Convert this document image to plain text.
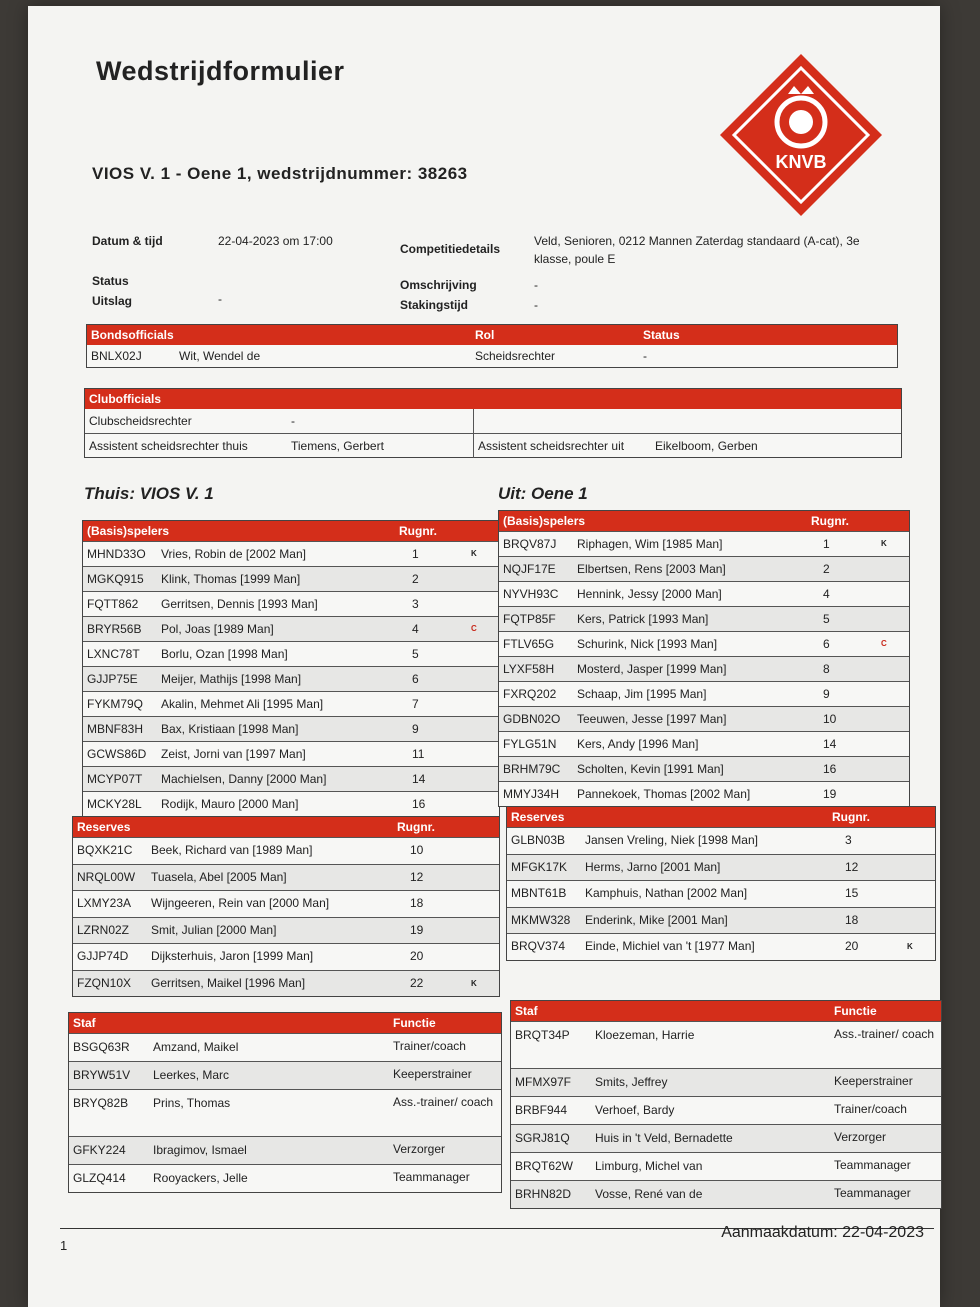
Wedstrijdformulier
VIOS V. 1 - Oene 1, wedstrijdnummer: 38263
KNVB
Datum & tijd	22-04-2023 om 17:00
Status
Uitslag	-
Competitiedetails
Veld, Senioren, 0212 Mannen Zaterdag standaard (A-cat), 3e klasse, poule E
Omschrijving	-
Stakingstijd	-
Bondsofficials	Rol	Status
BNLX02J	Wit, Wendel de	Scheidsrechter	-
Clubofficials
Clubscheidsrechter	-
Assistent scheidsrechter thuis	Tiemens, Gerbert	Assistent scheidsrechter uit	Eikelboom, Gerben
Thuis: VIOS V. 1	Uit: Oene 1
(Basis)spelers	Rugnr.
MHND33O Vries, Robin de [2002 Man]	1	K
MGKQ915 Klink, Thomas [1999 Man]	2
FQTT862 Gerritsen, Dennis [1993 Man]	3
BRYR56B Pol, Joas [1989 Man]	4	C
LXNC78T Borlu, Ozan [1998 Man]	5
GJJP75E Meijer, Mathijs [1998 Man]	6
FYKM79Q Akalin, Mehmet Ali [1995 Man]	7
MBNF83H Bax, Kristiaan [1998 Man]	9
GCWS86D Zeist, Jorni van [1997 Man]	11
MCYP07T Machielsen, Danny [2000 Man]	14
MCKY28L Rodijk, Mauro [2000 Man]	16
(Basis)spelers	Rugnr.
BRQV87J Riphagen, Wim [1985 Man]	1	K
NQJF17E Elbertsen, Rens [2003 Man]	2
NYVH93C Hennink, Jessy [2000 Man]	4
FQTP85F Kers, Patrick [1993 Man]	5
FTLV65G Schurink, Nick [1993 Man]	6	C
LYXF58H Mosterd, Jasper [1999 Man]	8
FXRQ202 Schaap, Jim [1995 Man]	9
GDBN02O Teeuwen, Jesse [1997 Man]	10
FYLG51N Kers, Andy [1996 Man]	14
BRHM79C Scholten, Kevin [1991 Man]	16
MMYJ34H Pannekoek, Thomas [2002 Man]	19
Reserves	Rugnr.
BQXK21C Beek, Richard van [1989 Man]	10
NRQL00W Tuasela, Abel [2005 Man]	12
LXMY23A Wijngeeren, Rein van [2000 Man]	18
LZRN02Z Smit, Julian [2000 Man]	19
GJJP74D Dijksterhuis, Jaron [1999 Man]	20
FZQN10X Gerritsen, Maikel [1996 Man]	22	K
Reserves	Rugnr.
GLBN03B Jansen Vreling, Niek [1998 Man]	3
MFGK17K Herms, Jarno [2001 Man]	12
MBNT61B Kamphuis, Nathan [2002 Man]	15
MKMW328 Enderink, Mike [2001 Man]	18
BRQV374 Einde, Michiel van 't [1977 Man]	20	K
Staf	Functie
BSGQ63R Amzand, Maikel	Trainer/coach
BRYW51V Leerkes, Marc	Keeperstrainer
BRYQ82B Prins, Thomas	Ass.-trainer/ coach
GFKY224 Ibragimov, Ismael	Verzorger
GLZQ414 Rooyackers, Jelle	Teammanager
Staf	Functie
BRQT34P Kloezeman, Harrie	Ass.-trainer/ coach
MFMX97F Smits, Jeffrey	Keeperstrainer
BRBF944 Verhoef, Bardy	Trainer/coach
SGRJ81Q Huis in 't Veld, Bernadette	Verzorger
BRQT62W Limburg, Michel van	Teammanager
BRHN82D Vosse, René van de	Teammanager
Aanmaakdatum: 22-04-2023
1
